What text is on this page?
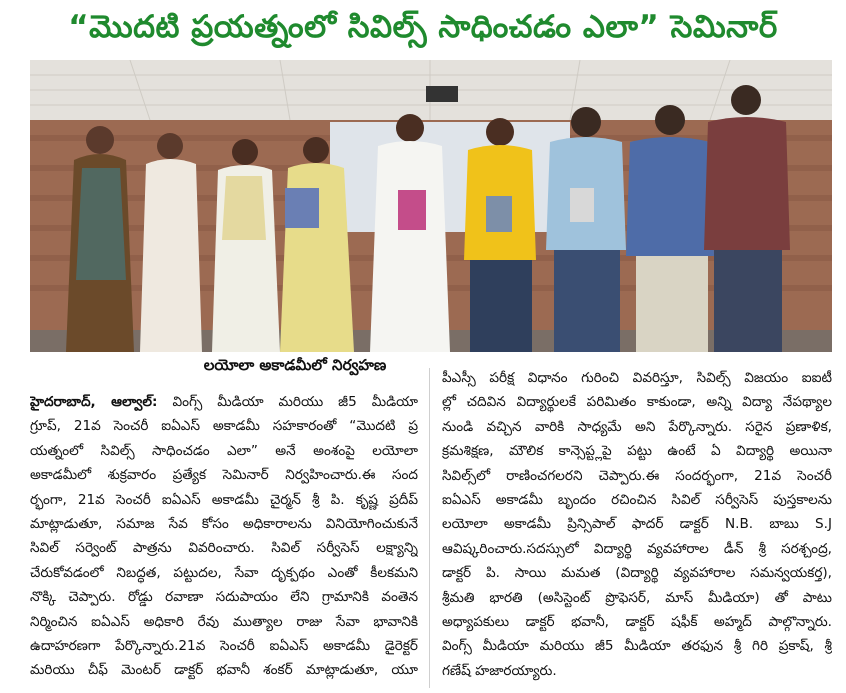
“మొదటి ప్రయత్నంలో సివిల్స్ సాధించడం ఎలా” సెమినార్
లయోలా అకాడమీలో నిర్వహణ
హైదరాబాద్, ఆల్వాల్: వింగ్స్ మీడియా మరియు జీ5 మీడియా
గ్రూప్, 21వ సెంచరీ ఐఏఎస్ అకాడమీ సహకారంతో “మొదటి ప్ర
యత్నంలో సివిల్స్ సాధించడం ఎలా” అనే అంశంపై లయోలా
అకాడమీలో శుక్రవారం ప్రత్యేక సెమినార్ నిర్వహించారు.ఈ సంద
ర్భంగా, 21వ సెంచరీ ఐఏఎస్ అకాడమీ చైర్మన్ శ్రీ పి. కృష్ణ ప్రదీప్
మాట్లాడుతూ, సమాజ సేవ కోసం అధికారాలను వినియోగించుకునే
సివిల్ సర్వెంట్ పాత్రను వివరించారు. సివిల్ సర్వీసెస్ లక్ష్యాన్ని
చేరుకోవడంలో నిబద్ధత, పట్టుదల, సేవా దృక్పథం ఎంతో కీలకమని
నొక్కి చెప్పారు. రోడ్డు రవాణా సదుపాయం లేని గ్రామానికి వంతెన
నిర్మించిన ఐఏఎస్ అధికారి రేవు ముత్యాల రాజు సేవా భావానికి
ఉదాహరణగా పేర్కొన్నారు.21వ సెంచరీ ఐఏఎస్ అకాడమీ డైరెక్టర్
మరియు చీఫ్ మెంటర్ డాక్టర్ భవానీ శంకర్ మాట్లాడుతూ, యూ
పీఎస్సీ పరీక్ష విధానం గురించి వివరిస్తూ, సివిల్స్ విజయం ఐఐటీ
ల్లో చదివిన విద్యార్థులకే పరిమితం కాకుండా, అన్ని విద్యా నేపథ్యాల
నుండి వచ్చిన వారికి సాధ్యమే అని పేర్కొన్నారు. సరైన ప్రణాళిక,
క్రమశిక్షణ, మౌలిక కాన్సెప్ట్లపై పట్టు ఉంటే ఏ విద్యార్థి అయినా
సివిల్స్‌లో రాణించగలరని చెప్పారు.ఈ సందర్భంగా, 21వ సెంచరీ
ఐఏఎస్ అకాడమీ బృందం రచించిన సివిల్ సర్వీసెస్ పుస్తకాలను
లయోలా అకాడమీ ప్రిన్సిపాల్ ఫాదర్ డాక్టర్ N.B. బాబు S.J
ఆవిష్కరించారు.సదస్సులో విద్యార్థి వ్యవహారాల డీన్ శ్రీ సరశ్చంద్ర,
డాక్టర్ పి. సాయి మమత (విద్యార్థి వ్యవహారాల సమన్వయకర్త),
శ్రీమతి భారతి (అసిస్టెంట్ ప్రొఫెసర్, మాస్ మీడియా) తో పాటు
అధ్యాపకులు డాక్టర్ భవానీ, డాక్టర్ షఫీక్ అహ్మద్ పాల్గొన్నారు.
వింగ్స్ మీడియా మరియు జీ5 మీడియా తరఫున శ్రీ గిరి ప్రకాష్, శ్రీ
గణేష్ హజారయ్యారు.
